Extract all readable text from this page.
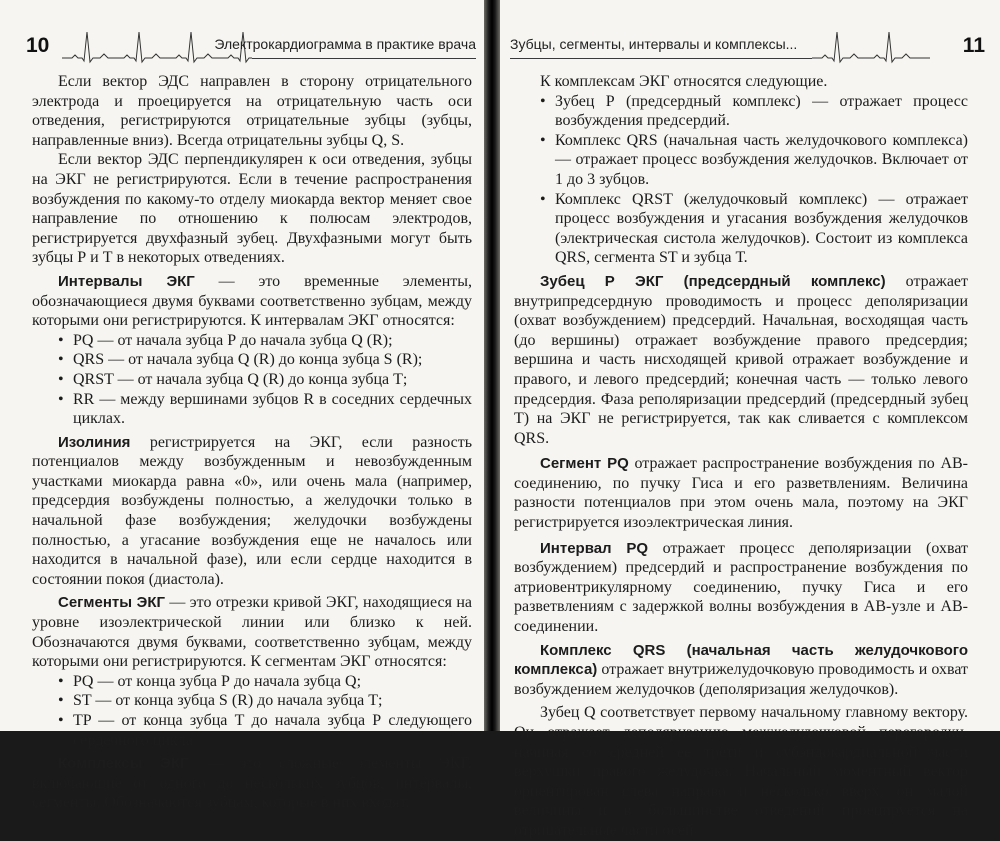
10	Электрокардиограмма в практике врача

Если вектор ЭДС направлен в сторону отрицательного электрода и проецируется на отрицательную часть оси отведения, регистрируются отрицательные зубцы (зубцы, направленные вниз). Всегда отрицательны зубцы Q, S.

Если вектор ЭДС перпендикулярен к оси отведения, зубцы на ЭКГ не регистрируются. Если в течение распространения возбуждения по какому-то отделу миокарда вектор меняет свое направление по отношению к полюсам электродов, регистрируется двухфазный зубец. Двухфазными могут быть зубцы Р и Т в некоторых отведениях.

Интервалы ЭКГ — это временные элементы, обозначающиеся двумя буквами соответственно зубцам, между которыми они регистрируются. К интервалам ЭКГ относятся:

• PQ — от начала зубца Р до начала зубца Q (R);
• QRS — от начала зубца Q (R) до конца зубца S (R);
• QRST — от начала зубца Q (R) до конца зубца Т;
• RR — между вершинами зубцов R в соседних сердечных циклах.

Изолиния регистрируется на ЭКГ, если разность потенциалов между возбужденным и невозбужденным участками миокарда равна «0», или очень мала (например, предсердия возбуждены полностью, а желудочки только в начальной фазе возбуждения; желудочки возбуждены полностью, а угасание возбуждения еще не началось или находится в начальной фазе), или если сердце находится в состоянии покоя (диастола).

Сегменты ЭКГ — это отрезки кривой ЭКГ, находящиеся на уровне изоэлектрической линии или близко к ней. Обозначаются двумя буквами, соответственно зубцам, между которыми они регистрируются. К сегментам ЭКГ относятся:

• PQ — от конца зубца Р до начала зубца Q;
• ST — от конца зубца S (R) до начала зубца Т;
• TP — от конца зубца Т до начала зубца Р следующего сердечного цикла.

Комплексы ЭКГ — это сложные элементы ЭКГ, включающие от одного до нескольких зубцов, интервалы, сегменты. Обозначаются зубцам, которые в них входят.

Зубцы, сегменты, интервалы и комплексы...	11

К комплексам ЭКГ относятся следующие.

• Зубец Р (предсердный комплекс) — отражает процесс возбуждения предсердий.
• Комплекс QRS (начальная часть желудочкового комплекса) — отражает процесс возбуждения желудочков. Включает от 1 до 3 зубцов.
• Комплекс QRST (желудочковый комплекс) — отражает процесс возбуждения и угасания возбуждения желудочков (электрическая систола желудочков). Состоит из комплекса QRS, сегмента ST и зубца Т.

Зубец Р ЭКГ (предсердный комплекс) отражает внутрипредсердную проводимость и процесс деполяризации (охват возбуждением) предсердий. Начальная, восходящая часть (до вершины) отражает возбуждение правого предсердия; вершина и часть нисходящей кривой отражает возбуждение и правого, и левого предсердий; конечная часть — только левого предсердия. Фаза реполяризации предсердий (предсердный зубец Т) на ЭКГ не регистрируется, так как сливается с комплексом QRS.

Сегмент PQ отражает распространение возбуждения по АВ-соединению, по пучку Гиса и его разветвлениям. Величина разности потенциалов при этом очень мала, поэтому на ЭКГ регистрируется изоэлектрическая линия.

Интервал PQ отражает процесс деполяризации (охват возбуждением) предсердий и распространение возбуждения по атриовентрикулярному соединению, пучку Гиса и его разветвлениям с задержкой волны возбуждения в АВ-узле и АВ-соединении.

Комплекс QRS (начальная часть желудочкового комплекса) отражает внутрижелудочковую проводимость и охват возбуждением желудочков (деполяризация желудочков).

Зубец Q соответствует первому начальному главному вектору. Он отражает деполяризацию межжелудочковой перегородки, начиная со средней ее трети и субэндокардиальной части верхушки правого желудочка. Начальный моментный вектор ориентирован слева направо и несколько вверх, он малой величины и в большинстве отведений проецируется на отрицательные части осей
